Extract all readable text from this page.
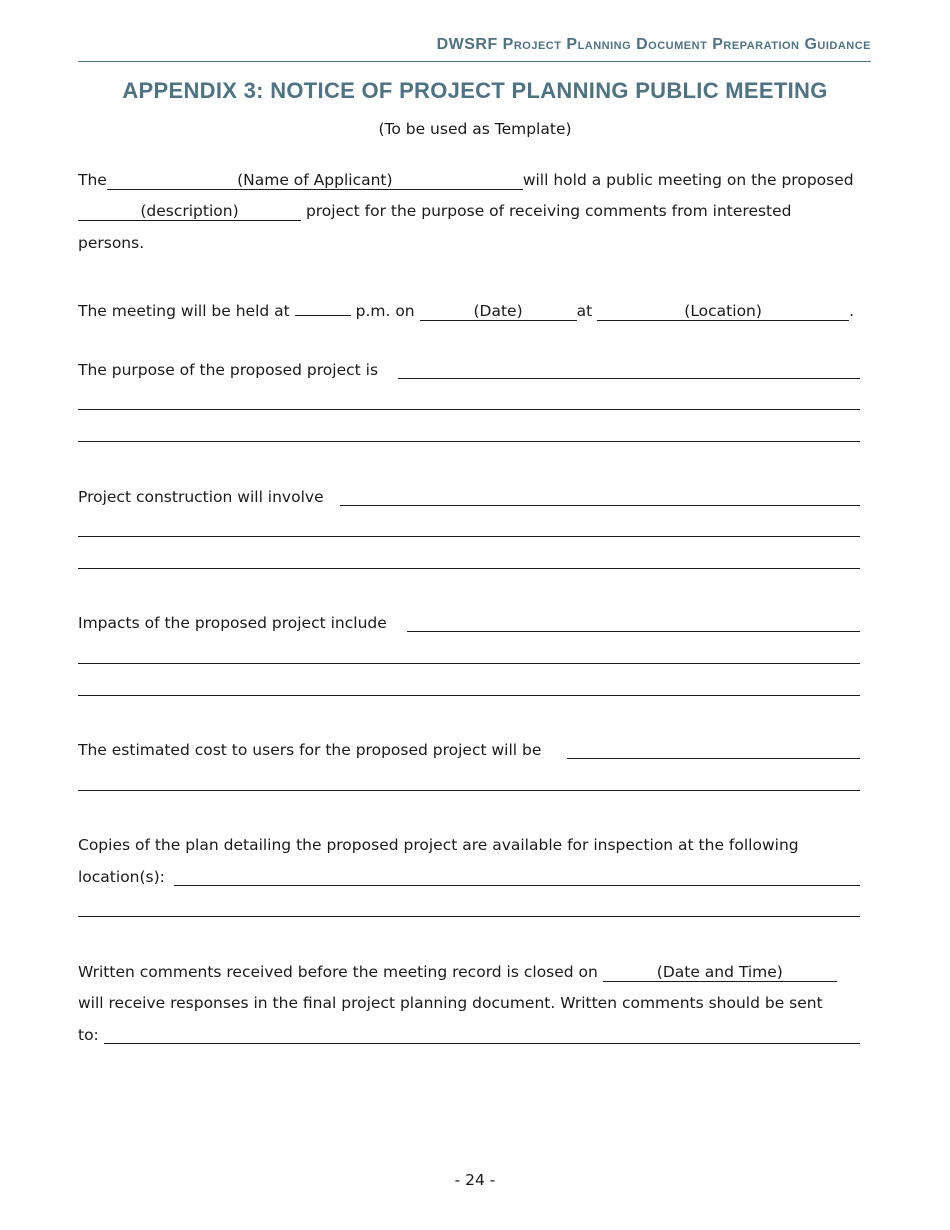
DWSRF Project Planning Document Preparation Guidance
APPENDIX 3: NOTICE OF PROJECT PLANNING PUBLIC MEETING
(To be used as Template)
The	(Name of Applicant)	will hold a public meeting on the proposed
(description)	project for the purpose of receiving comments from interested
persons.
The meeting will be held at	p.m. on	(Date)	at	(Location)	.
The purpose of the proposed project is
Project construction will involve
Impacts of the proposed project include
The estimated cost to users for the proposed project will be
Copies of the plan detailing the proposed project are available for inspection at the following
location(s):
Written comments received before the meeting record is closed on	(Date and Time)
will receive responses in the final project planning document. Written comments should be sent
to:
- 24 -
